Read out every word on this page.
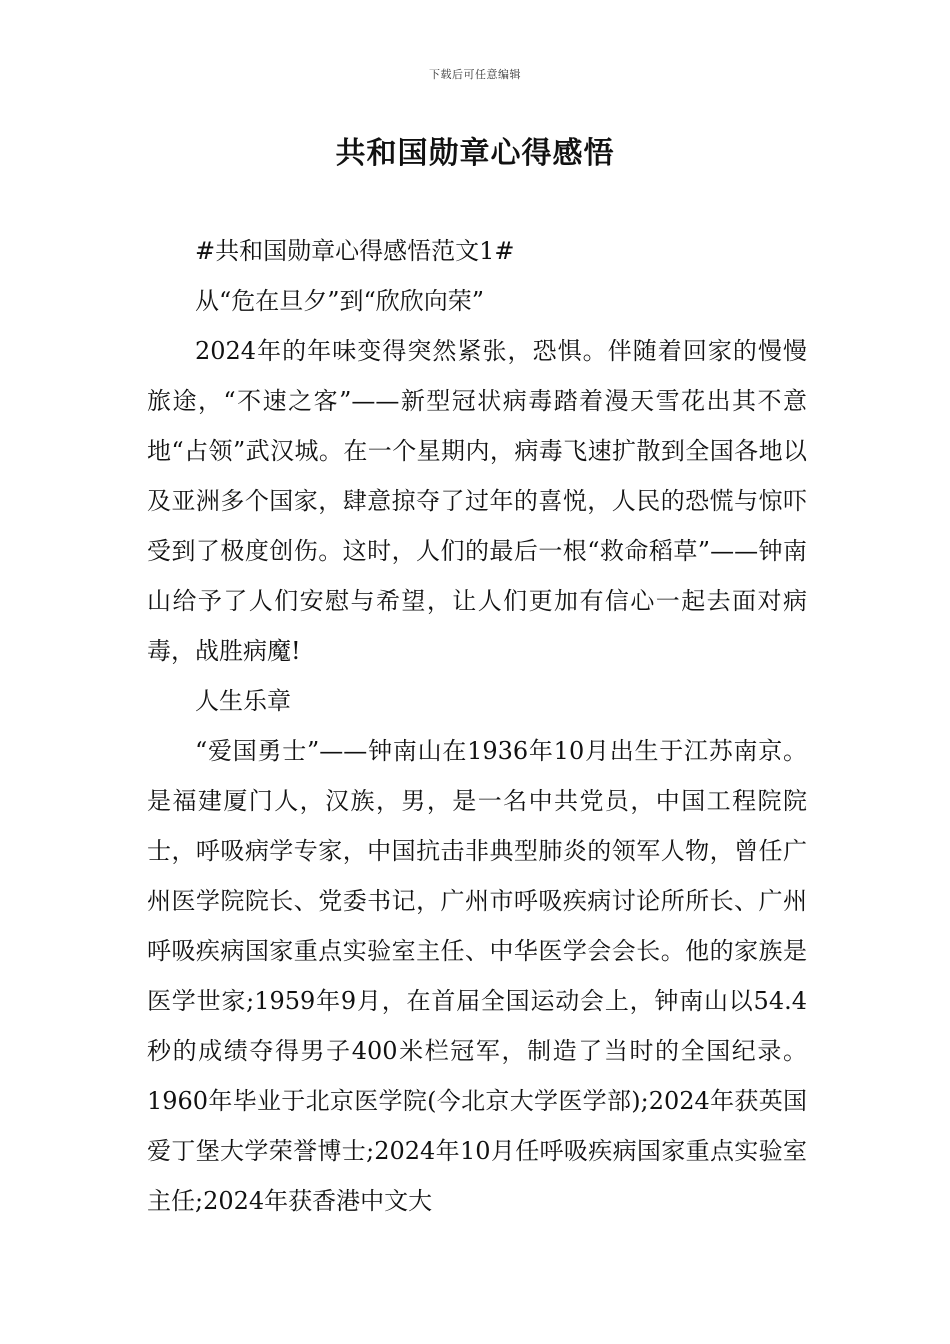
下载后可任意编辑
共和国勋章心得感悟

#共和国勋章心得感悟范文1#

从“危在旦夕”到“欣欣向荣”

2024年的年味变得突然紧张，恐惧。伴随着回家的慢慢旅途，“不速之客”——新型冠状病毒踏着漫天雪花出其不意地“占领”武汉城。在一个星期内，病毒飞速扩散到全国各地以及亚洲多个国家，肆意掠夺了过年的喜悦，人民的恐慌与惊吓受到了极度创伤。这时，人们的最后一根“救命稻草”——钟南山给予了人们安慰与希望，让人们更加有信心一起去面对病毒，战胜病魔!

人生乐章

“爱国勇士”——钟南山在1936年10月出生于江苏南京。是福建厦门人，汉族，男，是一名中共党员，中国工程院院士，呼吸病学专家，中国抗击非典型肺炎的领军人物，曾任广州医学院院长、党委书记，广州市呼吸疾病讨论所所长、广州呼吸疾病国家重点实验室主任、中华医学会会长。他的家族是医学世家;1959年9月，在首届全国运动会上，钟南山以54.4秒的成绩夺得男子400米栏冠军，制造了当时的全国纪录。1960年毕业于北京医学院(今北京大学医学部);2024年获英国爱丁堡大学荣誉博士;2024年10月任呼吸疾病国家重点实验室主任;2024年获香港中文大
